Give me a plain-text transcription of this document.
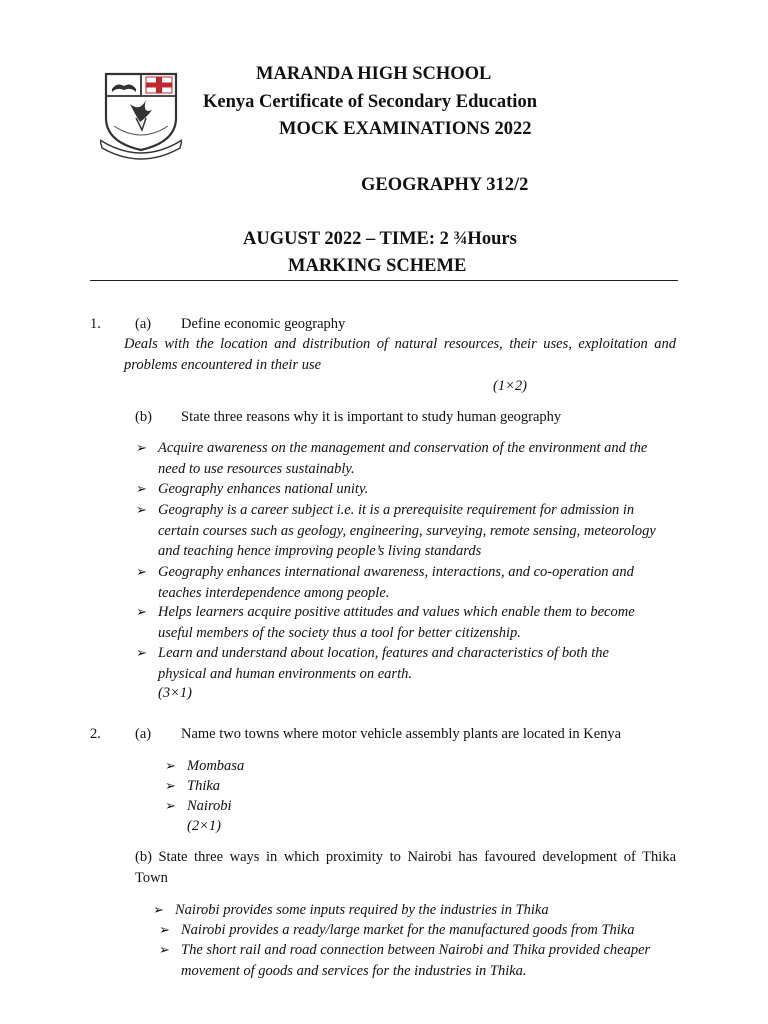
MARANDA HIGH SCHOOL
Kenya Certificate of Secondary Education
MOCK EXAMINATIONS 2022
GEOGRAPHY 312/2
AUGUST 2022 – TIME: 2 ¾Hours
MARKING SCHEME
1. (a) Define economic geography
Deals with the location and distribution of natural resources, their uses, exploitation and
problems encountered in their use
(1×2)
(b) State three reasons why it is important to study human geography
➢ Acquire awareness on the management and conservation of the environment and the need to use resources sustainably.
➢ Geography enhances national unity.
➢ Geography is a career subject i.e. it is a prerequisite requirement for admission in certain courses such as geology, engineering, surveying, remote sensing, meteorology and teaching hence improving people’s living standards
➢ Geography enhances international awareness, interactions, and co-operation and teaches interdependence among people.
➢ Helps learners acquire positive attitudes and values which enable them to become useful members of the society thus a tool for better citizenship.
➢ Learn and understand about location, features and characteristics of both the physical and human environments on earth.
(3×1)
2. (a) Name two towns where motor vehicle assembly plants are located in Kenya
➢ Mombasa
➢ Thika
➢ Nairobi
(2×1)
(b) State three ways in which proximity to Nairobi has favoured development of Thika
Town
➢ Nairobi provides some inputs required by the industries in Thika
➢ Nairobi provides a ready/large market for the manufactured goods from Thika
➢ The short rail and road connection between Nairobi and Thika provided cheaper movement of goods and services for the industries in Thika.
